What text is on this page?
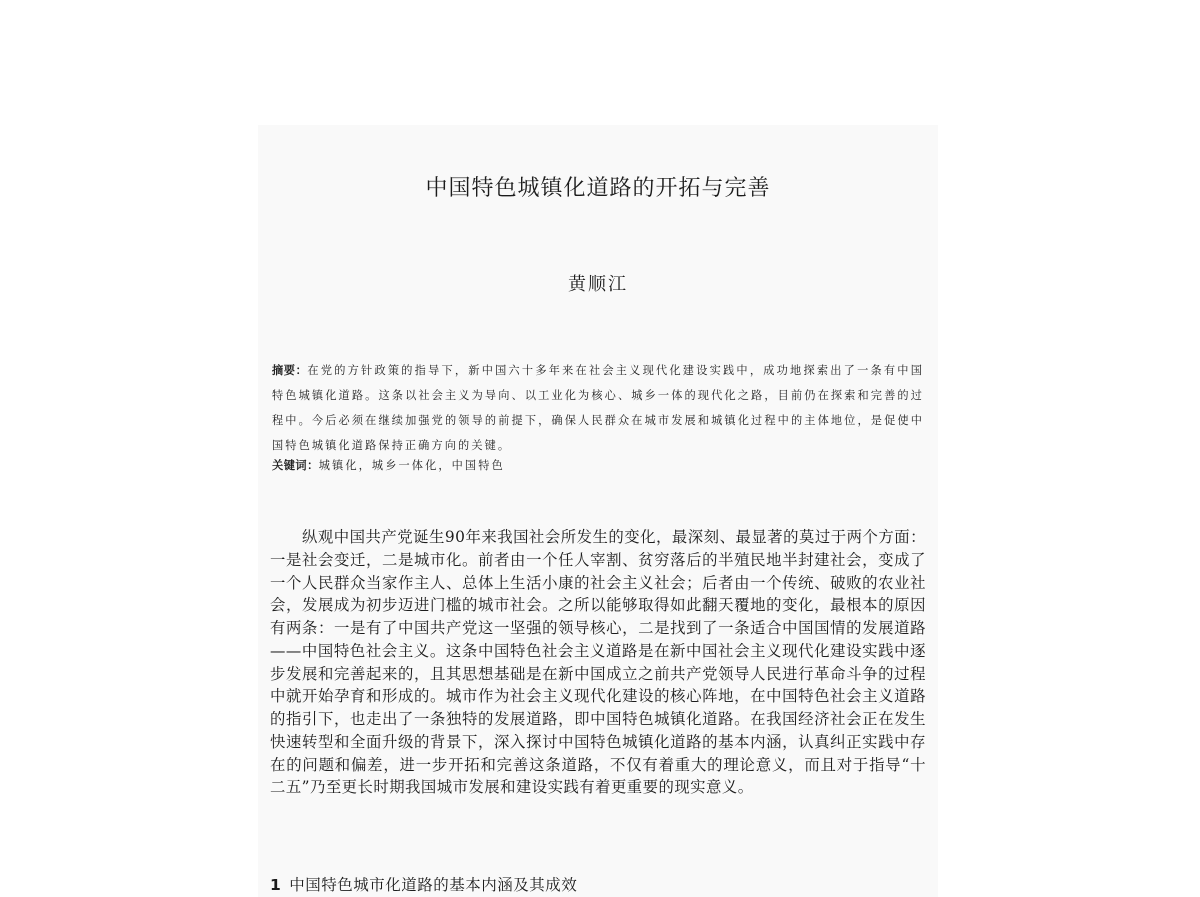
中国特色城镇化道路的开拓与完善
黄顺江

摘要：在党的方针政策的指导下，新中国六十多年来在社会主义现代化建设实践中，成功地探索出了一条有中国特色城镇化道路。这条以社会主义为导向、以工业化为核心、城乡一体的现代化之路，目前仍在探索和完善的过程中。今后必须在继续加强党的领导的前提下，确保人民群众在城市发展和城镇化过程中的主体地位，是促使中国特色城镇化道路保持正确方向的关键。

关键词：城镇化，城乡一体化，中国特色

纵观中国共产党诞生90年来我国社会所发生的变化，最深刻、最显著的莫过于两个方面：一是社会变迁，二是城市化。前者由一个任人宰割、贫穷落后的半殖民地半封建社会，变成了一个人民群众当家作主人、总体上生活小康的社会主义社会；后者由一个传统、破败的农业社会，发展成为初步迈进门槛的城市社会。之所以能够取得如此翻天覆地的变化，最根本的原因有两条：一是有了中国共产党这一坚强的领导核心，二是找到了一条适合中国国情的发展道路——中国特色社会主义。这条中国特色社会主义道路是在新中国社会主义现代化建设实践中逐步发展和完善起来的，且其思想基础是在新中国成立之前共产党领导人民进行革命斗争的过程中就开始孕育和形成的。城市作为社会主义现代化建设的核心阵地，在中国特色社会主义道路的指引下，也走出了一条独特的发展道路，即中国特色城镇化道路。在我国经济社会正在发生快速转型和全面升级的背景下，深入探讨中国特色城镇化道路的基本内涵，认真纠正实践中存在的问题和偏差，进一步开拓和完善这条道路，不仅有着重大的理论意义，而且对于指导“十二五”乃至更长时期我国城市发展和建设实践有着更重要的现实意义。

1 中国特色城市化道路的基本内涵及其成效
